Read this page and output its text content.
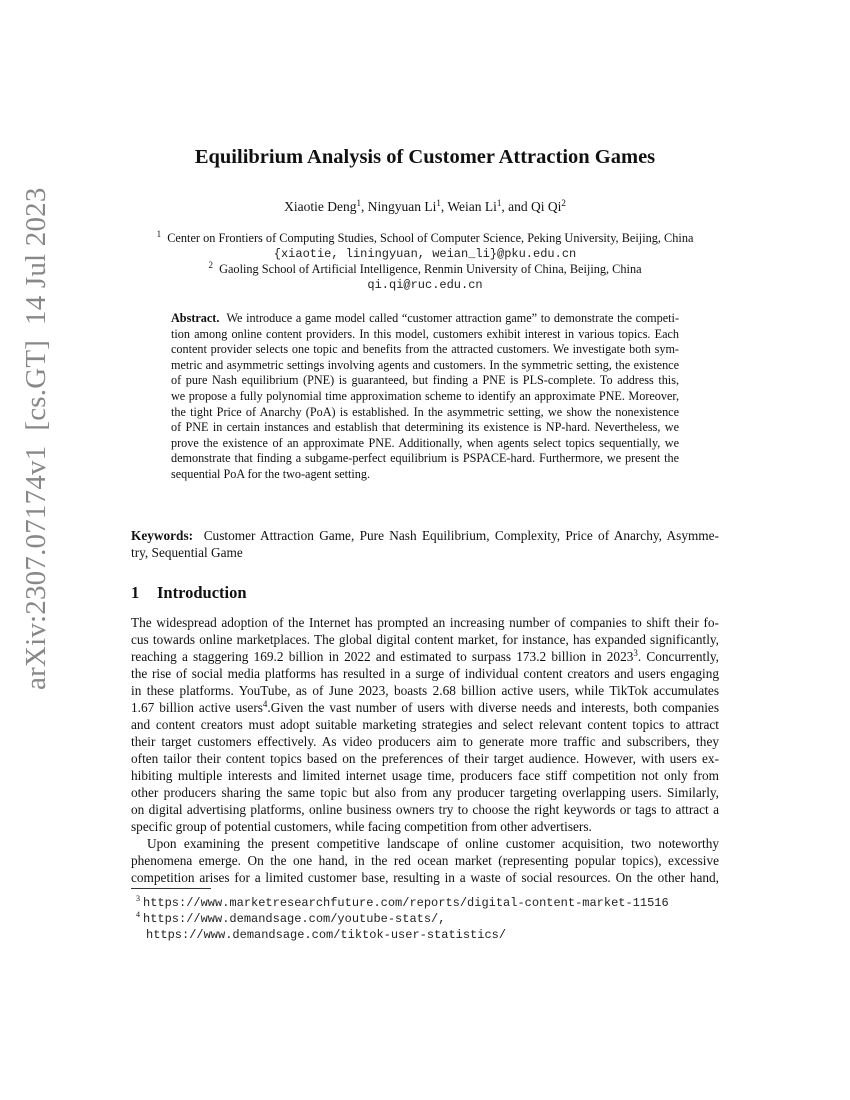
arXiv:2307.07174v1  [cs.GT]  14 Jul 2023
Equilibrium Analysis of Customer Attraction Games
Xiaotie Deng$^1$, Ningyuan Li$^1$, Weian Li$^1$, and Qi Qi$^2$
$^1$ Center on Frontiers of Computing Studies, School of Computer Science, Peking University, Beijing, China
{xiaotie, liningyuan, weian_li}@pku.edu.cn
$^2$ Gaoling School of Artificial Intelligence, Renmin University of China, Beijing, China
qi.qi@ruc.edu.cn
Abstract. We introduce a game model called “customer attraction game” to demonstrate the competi-
tion among online content providers. In this model, customers exhibit interest in various topics. Each
content provider selects one topic and benefits from the attracted customers. We investigate both sym-
metric and asymmetric settings involving agents and customers. In the symmetric setting, the existence
of pure Nash equilibrium (PNE) is guaranteed, but finding a PNE is PLS-complete. To address this,
we propose a fully polynomial time approximation scheme to identify an approximate PNE. Moreover,
the tight Price of Anarchy (PoA) is established. In the asymmetric setting, we show the nonexistence
of PNE in certain instances and establish that determining its existence is NP-hard. Nevertheless, we
prove the existence of an approximate PNE. Additionally, when agents select topics sequentially, we
demonstrate that finding a subgame-perfect equilibrium is PSPACE-hard. Furthermore, we present the
sequential PoA for the two-agent setting.
Keywords: Customer Attraction Game, Pure Nash Equilibrium, Complexity, Price of Anarchy, Asymme-
try, Sequential Game
1 Introduction
The widespread adoption of the Internet has prompted an increasing number of companies to shift their fo-
cus towards online marketplaces. The global digital content market, for instance, has expanded significantly,
reaching a staggering 169.2 billion in 2022 and estimated to surpass 173.2 billion in 2023$^3$. Concurrently,
the rise of social media platforms has resulted in a surge of individual content creators and users engaging
in these platforms. YouTube, as of June 2023, boasts 2.68 billion active users, while TikTok accumulates
1.67 billion active users$^4$.Given the vast number of users with diverse needs and interests, both companies
and content creators must adopt suitable marketing strategies and select relevant content topics to attract
their target customers effectively. As video producers aim to generate more traffic and subscribers, they
often tailor their content topics based on the preferences of their target audience. However, with users ex-
hibiting multiple interests and limited internet usage time, producers face stiff competition not only from
other producers sharing the same topic but also from any producer targeting overlapping users. Similarly,
on digital advertising platforms, online business owners try to choose the right keywords or tags to attract a
specific group of potential customers, while facing competition from other advertisers.
Upon examining the present competitive landscape of online customer acquisition, two noteworthy
phenomena emerge. On the one hand, in the red ocean market (representing popular topics), excessive
competition arises for a limited customer base, resulting in a waste of social resources. On the other hand,
$^3$ https://www.marketresearchfuture.com/reports/digital-content-market-11516
$^4$ https://www.demandsage.com/youtube-stats/,
https://www.demandsage.com/tiktok-user-statistics/
